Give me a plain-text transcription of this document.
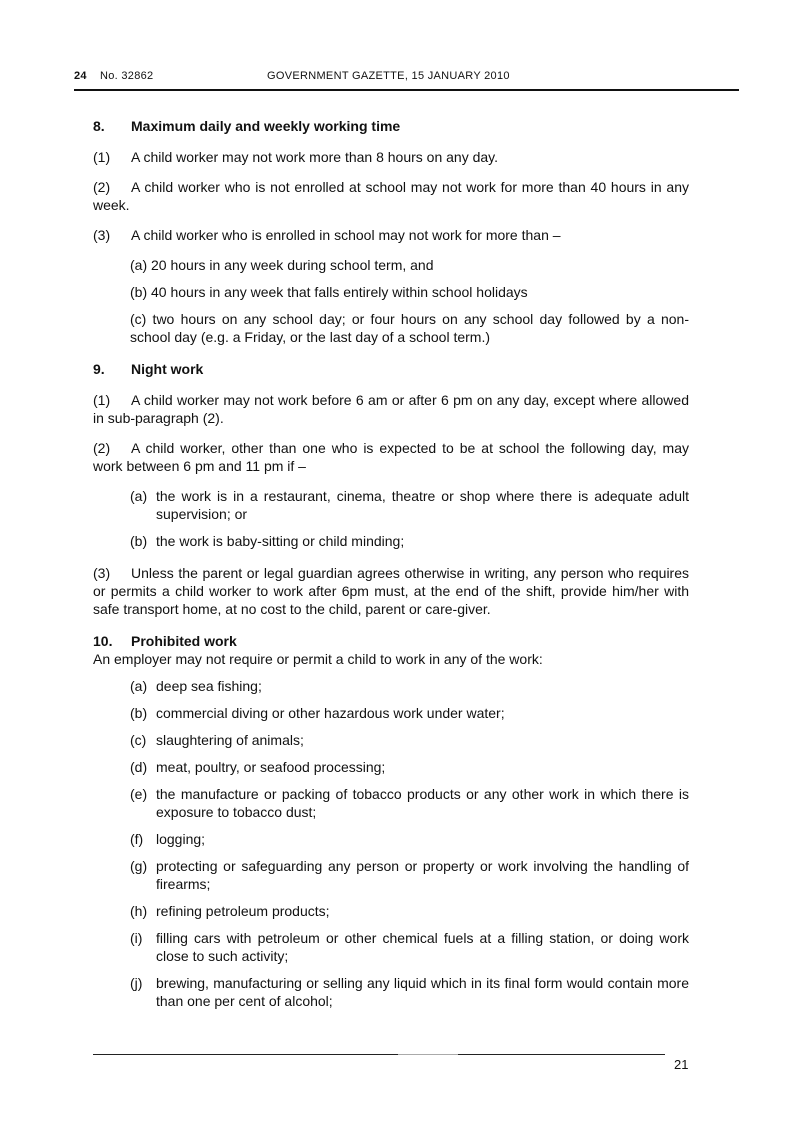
24 No. 32862	GOVERNMENT GAZETTE, 15 JANUARY 2010
8.	Maximum daily and weekly working time

(1) A child worker may not work more than 8 hours on any day.

(2) A child worker who is not enrolled at school may not work for more than 40 hours in any week.

(3) A child worker who is enrolled in school may not work for more than –

(a) 20 hours in any week during school term, and
(b) 40 hours in any week that falls entirely within school holidays
(c) two hours on any school day; or four hours on any school day followed by a non-school day (e.g. a Friday, or the last day of a school term.)
9.	Night work

(1) A child worker may not work before 6 am or after 6 pm on any day, except where allowed in sub-paragraph (2).

(2) A child worker, other than one who is expected to be at school the following day, may work between 6 pm and 11 pm if –

(a) the work is in a restaurant, cinema, theatre or shop where there is adequate adult supervision; or
(b) the work is baby-sitting or child minding;

(3) Unless the parent or legal guardian agrees otherwise in writing, any person who requires or permits a child worker to work after 6pm must, at the end of the shift, provide him/her with safe transport home, at no cost to the child, parent or care-giver.

10.	Prohibited work

An employer may not require or permit a child to work in any of the work:

(a) deep sea fishing;
(b) commercial diving or other hazardous work under water;
(c) slaughtering of animals;
(d) meat, poultry, or seafood processing;
(e) the manufacture or packing of tobacco products or any other work in which there is exposure to tobacco dust;
(f) logging;
(g) protecting or safeguarding any person or property or work involving the handling of firearms;
(h) refining petroleum products;
(i) filling cars with petroleum or other chemical fuels at a filling station, or doing work close to such activity;
(j) brewing, manufacturing or selling any liquid which in its final form would contain more than one per cent of alcohol;
21
